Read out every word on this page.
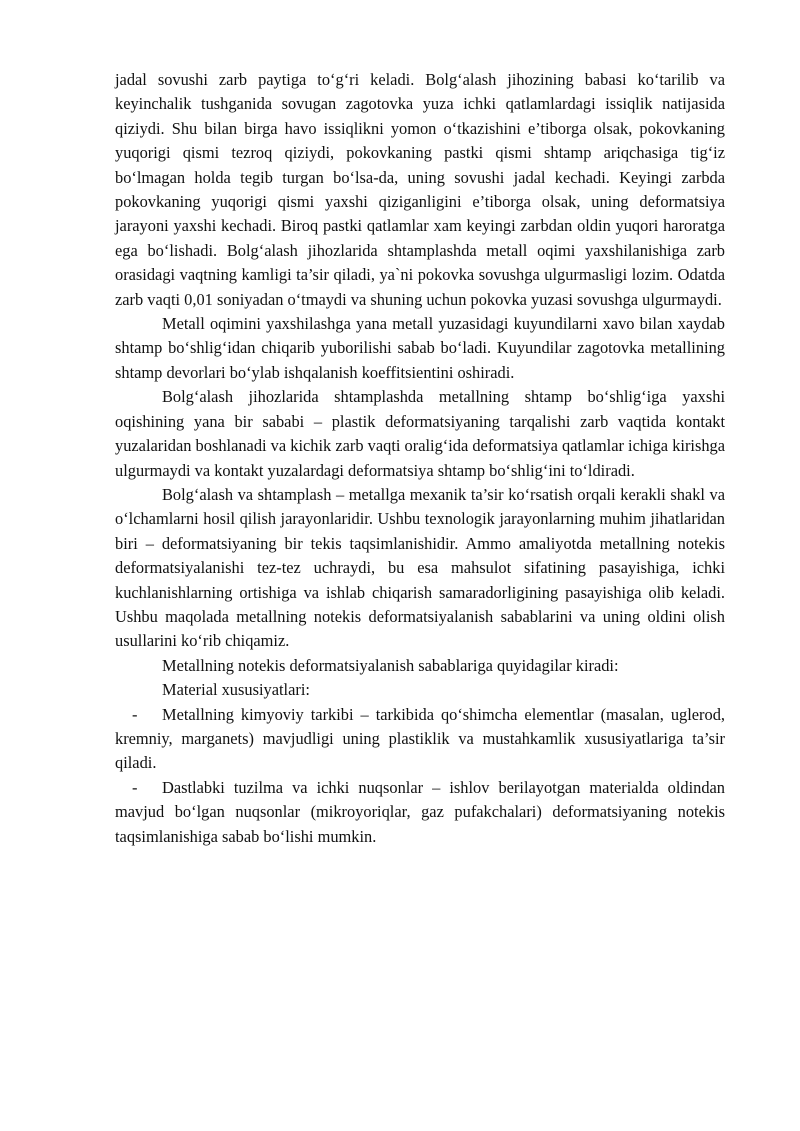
jadal sovushi zarb paytiga to‘g‘ri keladi. Bolg‘alash jihozining babasi ko‘tarilib va keyinchalik tushganida sovugan zagotovka yuza ichki qatlamlardagi issiqlik natijasida qiziydi. Shu bilan birga havo issiqlikni yomon o‘tkazishini e’tiborga olsak, pokovkaning yuqorigi qismi tezroq qiziydi, pokovkaning pastki qismi shtamp ariqchasiga tig‘iz bo‘lmagan holda tegib turgan bo‘lsa-da, uning sovushi jadal kechadi. Keyingi zarbda pokovkaning yuqorigi qismi yaxshi qiziganligini e’tiborga olsak, uning deformatsiya jarayoni yaxshi kechadi. Biroq pastki qatlamlar xam keyingi zarbdan oldin yuqori haroratga ega bo‘lishadi. Bolg‘alash jihozlarida shtamplashda metall oqimi yaxshilanishiga zarb orasidagi vaqtning kamligi ta’sir qiladi, ya`ni pokovka sovushga ulgurmasligi lozim. Odatda zarb vaqti 0,01 soniyadan o‘tmaydi va shuning uchun pokovka yuzasi sovushga ulgurmaydi.

Metall oqimini yaxshilashga yana metall yuzasidagi kuyundilarni xavo bilan xaydab shtamp bo‘shlig‘idan chiqarib yuborilishi sabab bo‘ladi. Kuyundilar zagotovka metallining shtamp devorlari bo‘ylab ishqalanish koeffitsientini oshiradi.

Bolg‘alash jihozlarida shtamplashda metallning shtamp bo‘shlig‘iga yaxshi oqishining yana bir sababi – plastik deformatsiyaning tarqalishi zarb vaqtida kontakt yuzalaridan boshlanadi va kichik zarb vaqti oralig‘ida deformatsiya qatlamlar ichiga kirishga ulgurmaydi va kontakt yuzalardagi deformatsiya shtamp bo‘shlig‘ini to‘ldiradi.

Bolg‘alash va shtamplash – metallga mexanik ta’sir ko‘rsatish orqali kerakli shakl va o‘lchamlarni hosil qilish jarayonlaridir. Ushbu texnologik jarayonlarning muhim jihatlaridan biri – deformatsiyaning bir tekis taqsimlanishidir. Ammo amaliyotda metallning notekis deformatsiyalanishi tez-tez uchraydi, bu esa mahsulot sifatining pasayishiga, ichki kuchlanishlarning ortishiga va ishlab chiqarish samaradorligining pasayishiga olib keladi. Ushbu maqolada metallning notekis deformatsiyalanish sabablarini va uning oldini olish usullarini ko‘rib chiqamiz.

Metallning notekis deformatsiyalanish sabablariga quyidagilar kiradi:

Material xususiyatlari:

- Metallning kimyoviy tarkibi – tarkibida qo‘shimcha elementlar (masalan, uglerod, kremniy, marganets) mavjudligi uning plastiklik va mustahkamlik xususiyatlariga ta’sir qiladi.
- Dastlabki tuzilma va ichki nuqsonlar – ishlov berilayotgan materialda oldindan mavjud bo‘lgan nuqsonlar (mikroyoriqlar, gaz pufakchalari) deformatsiyaning notekis taqsimlanishiga sabab bo‘lishi mumkin.
